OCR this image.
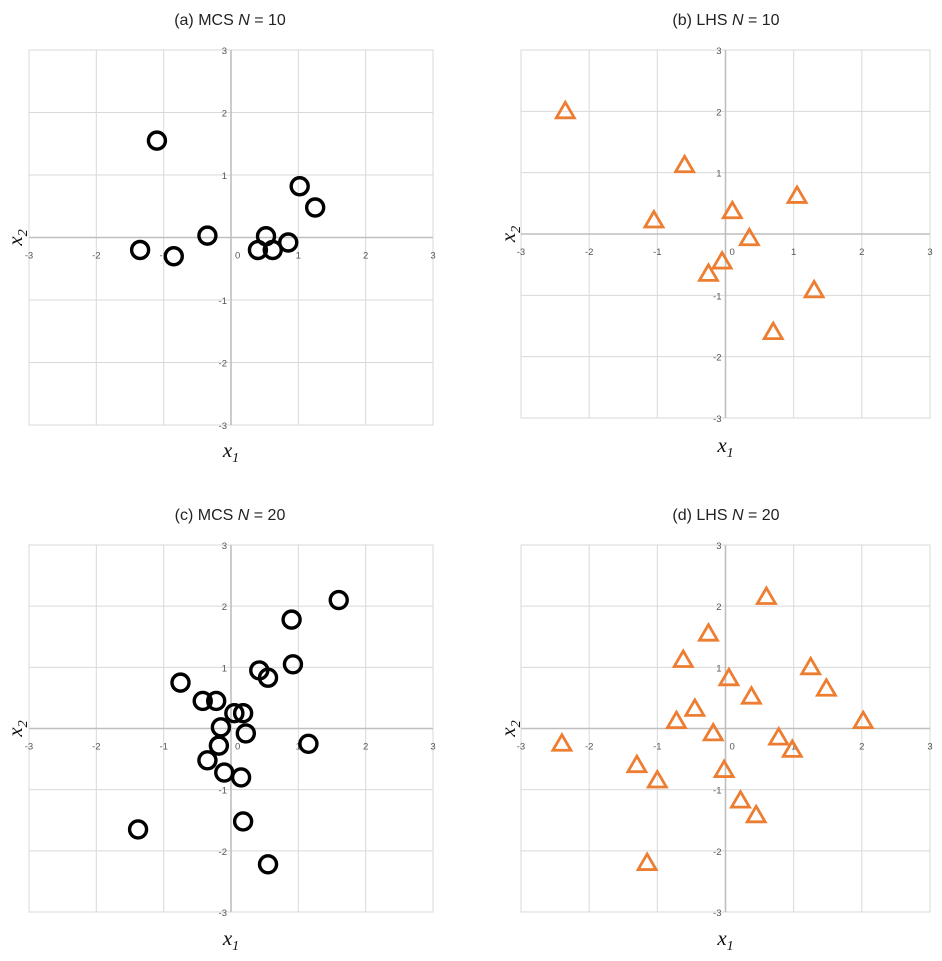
-3	-2	-1	0	1	2	3
-3
-2
-1
1
2
3
(a) MCS N = 10
$x_1$
$x_2$
-3	-2	-1	0	1	2	3
-3
-2
-1
1
2
3
(b) LHS N = 10
$x_1$
$x_2$
-3	-2	-1	0	1	2	3
-3
-2
-1
1
2
3
(c) MCS N = 20
$x_1$
$x_2$
-3	-2	-1	0	1	2	3
-3
-2
-1
1
2
3
(d) LHS N = 20
$x_1$
$x_2$
